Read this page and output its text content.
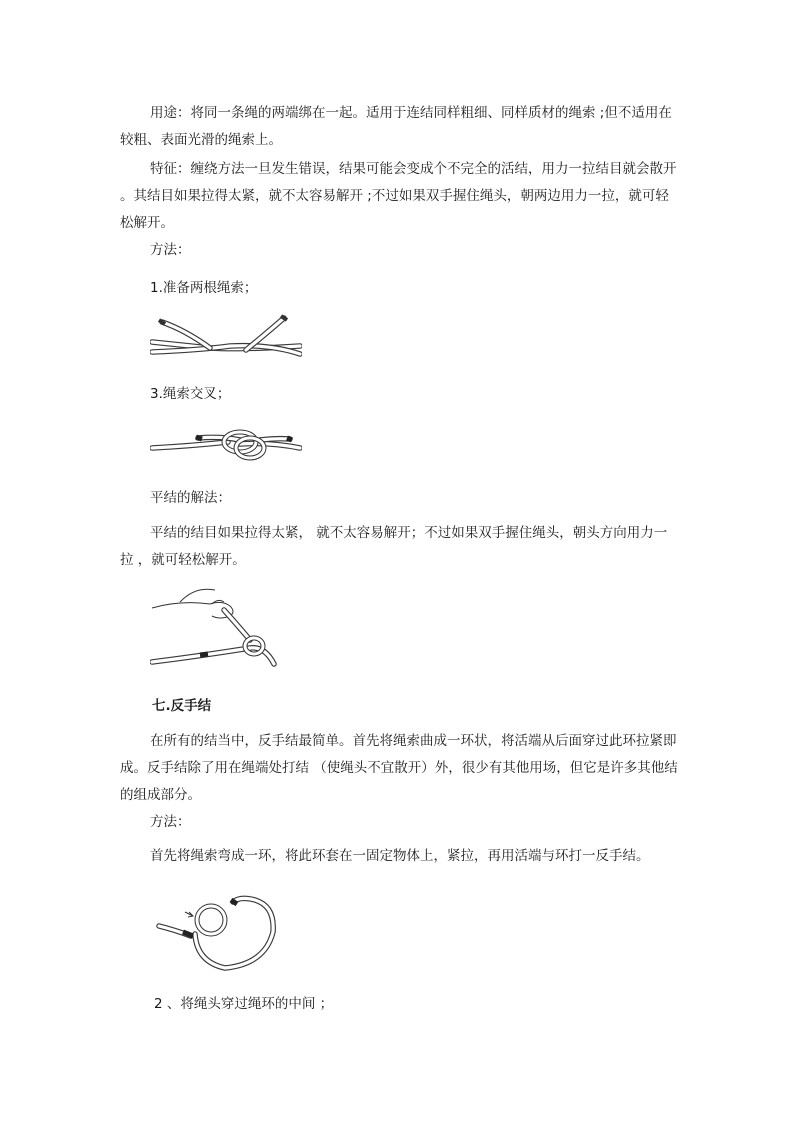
用途：将同一条绳的两端绑在一起。适用于连结同样粗细、同样质材的绳索 ;但不适用在较粗、表面光滑的绳索上。

特征：缠绕方法一旦发生错误，结果可能会变成个不完全的活结，用力一拉结目就会散开 。其结目如果拉得太紧，就不太容易解开 ;不过如果双手握住绳头，朝两边用力一拉，就可轻松解开。

方法：

1.准备两根绳索；

3.绳索交叉；

平结的解法：

平结的结目如果拉得太紧， 就不太容易解开；不过如果双手握住绳头，朝头方向用力一拉 ，就可轻松解开。

七.反手结

在所有的结当中，反手结最简单。首先将绳索曲成一环状，将活端从后面穿过此环拉紧即成。反手结除了用在绳端处打结 （使绳头不宜散开）外，很少有其他用场，但它是许多其他结的组成部分。

方法：

首先将绳索弯成一环，将此环套在一固定物体上，紧拉，再用活端与环打一反手结。

2 、将绳头穿过绳环的中间 ；
